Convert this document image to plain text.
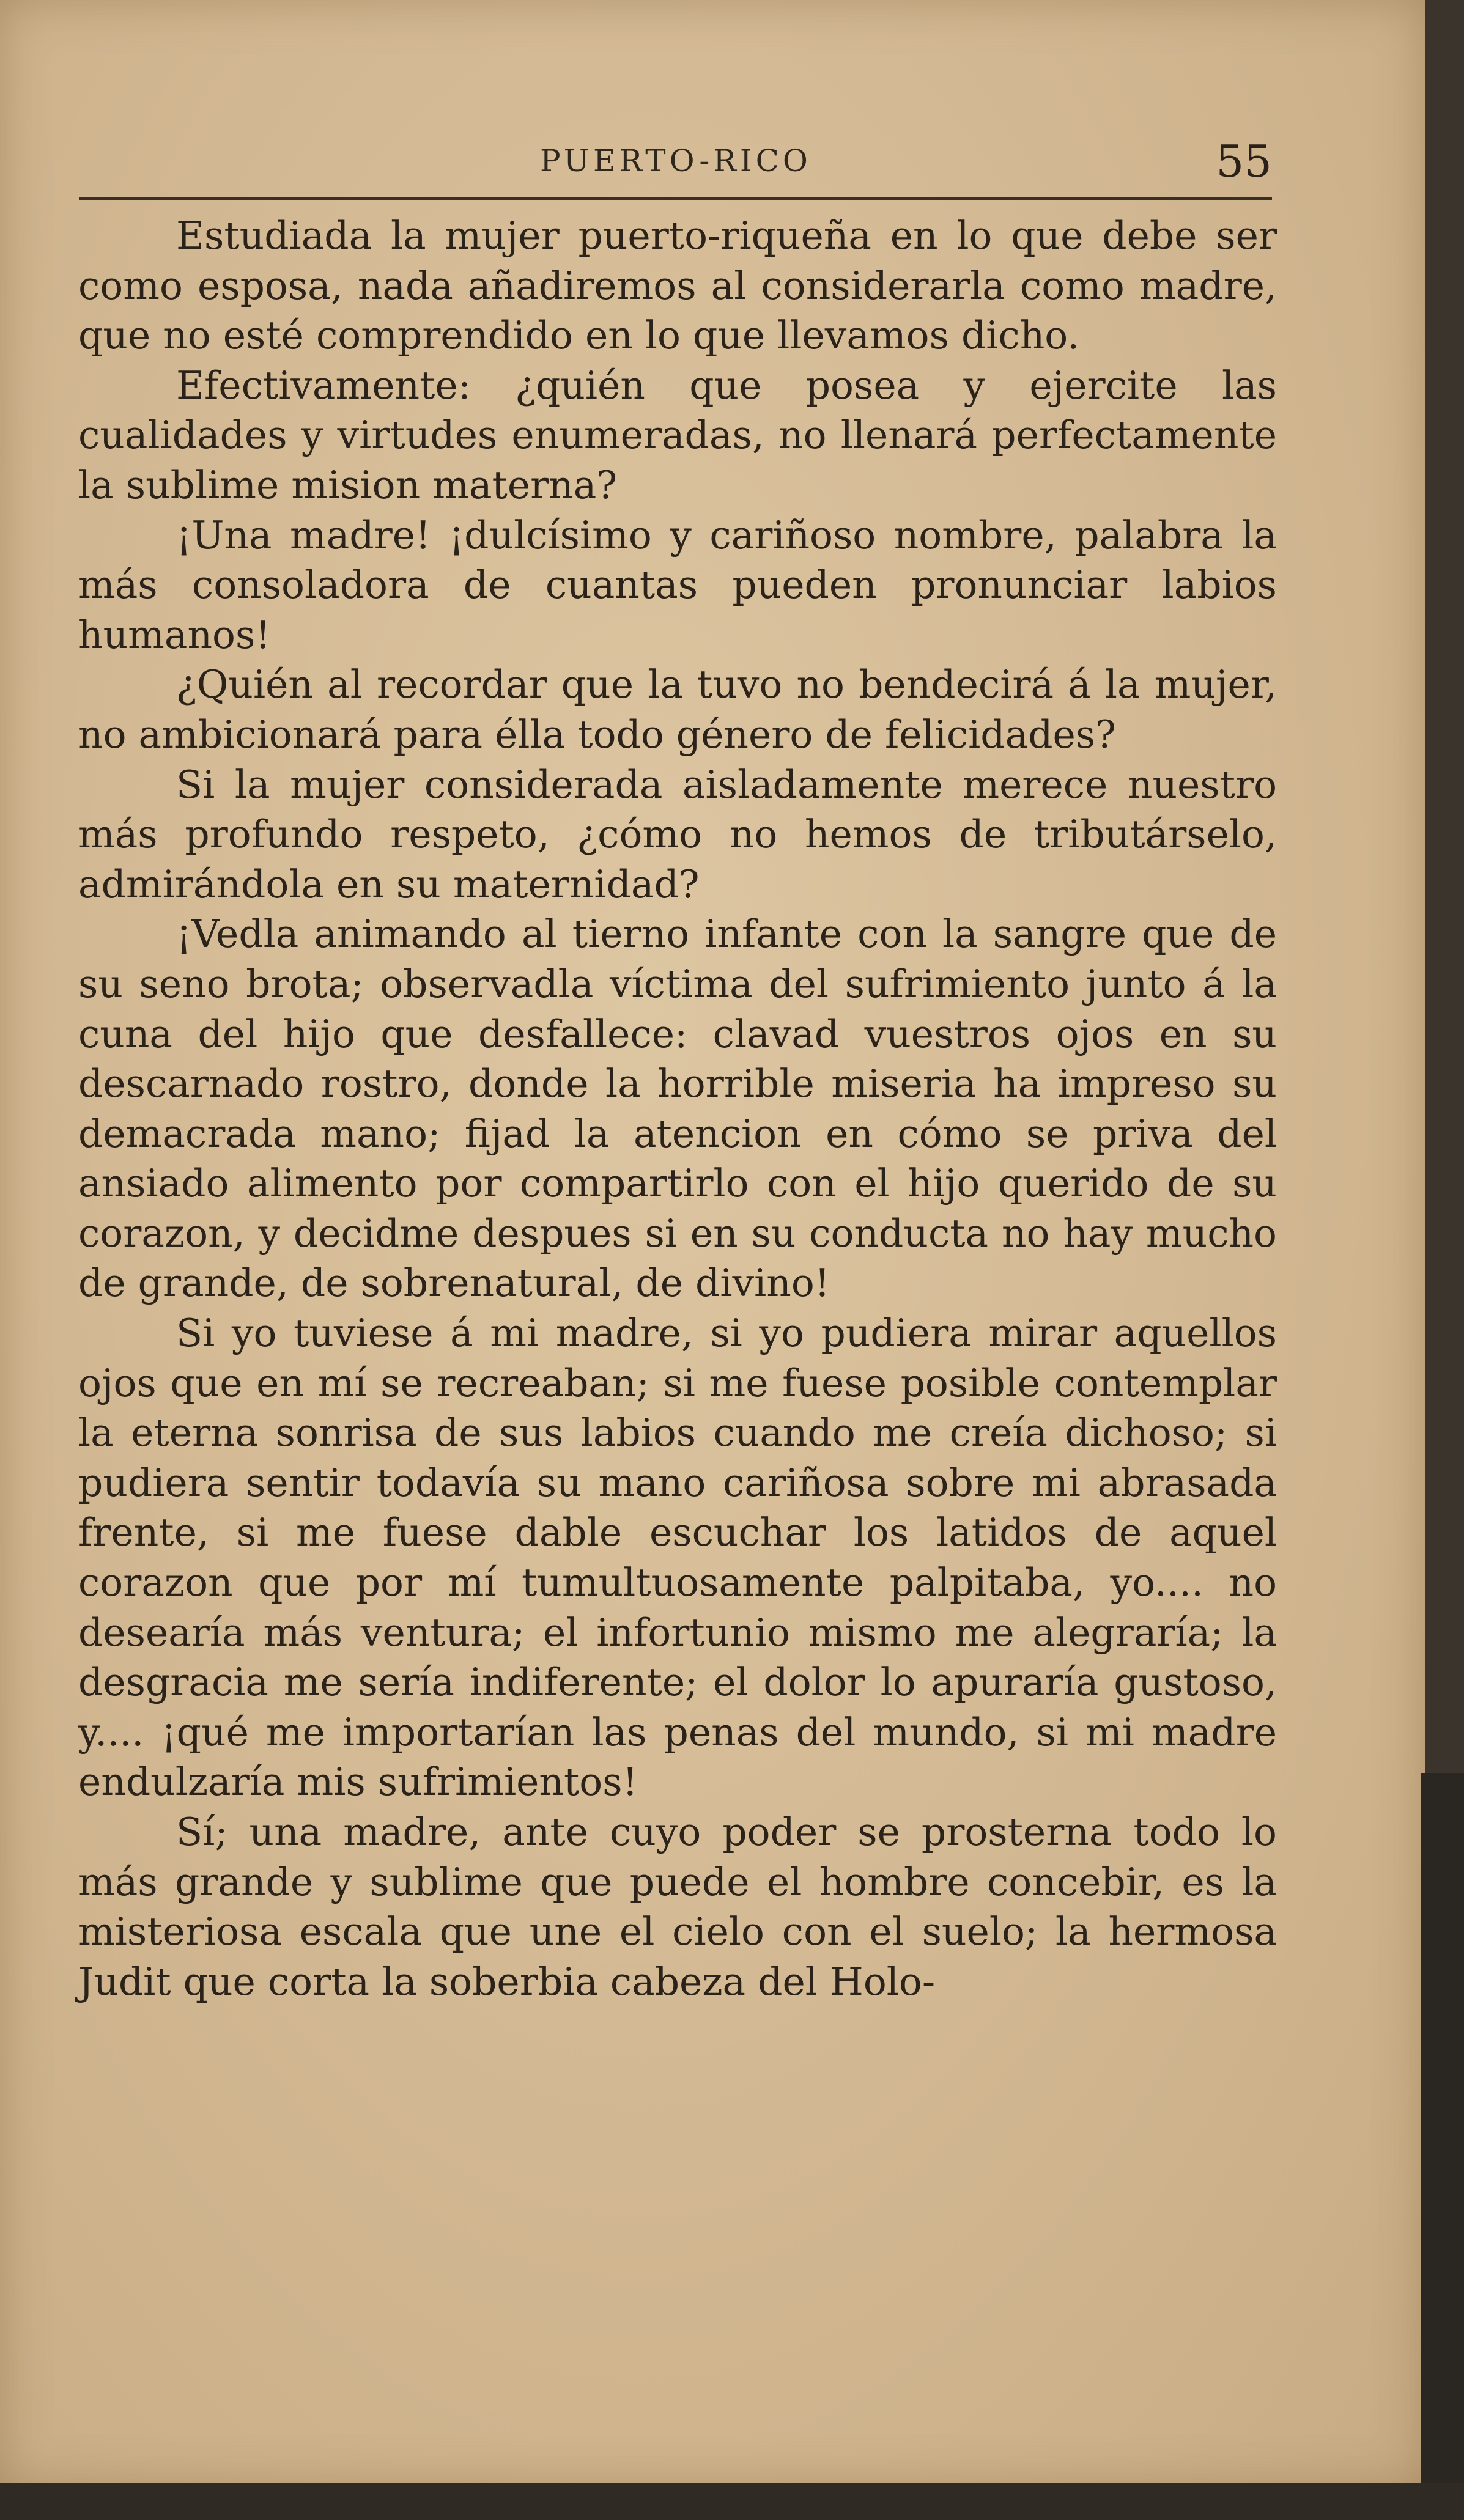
PUERTO-RICO	55

Estudiada la mujer puerto-riqueña en lo que debe ser como esposa, nada añadiremos al considerarla como madre, que no esté comprendido en lo que llevamos dicho.

Efectivamente: ¿quién que posea y ejercite las cualidades y virtudes enumeradas, no llenará perfectamente la sublime mision materna?

¡Una madre! ¡dulcísimo y cariñoso nombre, palabra la más consoladora de cuantas pueden pronunciar labios humanos!

¿Quién al recordar que la tuvo no bendecirá á la mujer, no ambicionará para élla todo género de felicidades?

Si la mujer considerada aisladamente merece nuestro más profundo respeto, ¿cómo no hemos de tributárselo, admirándola en su maternidad?

¡Vedla animando al tierno infante con la sangre que de su seno brota; observadla víctima del sufrimiento junto á la cuna del hijo que desfallece: clavad vuestros ojos en su descarnado rostro, donde la horrible miseria ha impreso su demacrada mano; fijad la atencion en cómo se priva del ansiado alimento por compartirlo con el hijo querido de su corazon, y decidme despues si en su conducta no hay mucho de grande, de sobrenatural, de divino!

Si yo tuviese á mi madre, si yo pudiera mirar aquellos ojos que en mí se recreaban; si me fuese posible contemplar la eterna sonrisa de sus labios cuando me creía dichoso; si pudiera sentir todavía su mano cariñosa sobre mi abrasada frente, si me fuese dable escuchar los latidos de aquel corazon que por mí tumultuosamente palpitaba, yo.... no desearía más ventura; el infortunio mismo me alegraría; la desgracia me sería indiferente; el dolor lo apuraría gustoso, y.... ¡qué me importarían las penas del mundo, si mi madre endulzaría mis sufrimientos!

Sí; una madre, ante cuyo poder se prosterna todo lo más grande y sublime que puede el hombre concebir, es la misteriosa escala que une el cielo con el suelo; la hermosa Judit que corta la soberbia cabeza del Holo-
